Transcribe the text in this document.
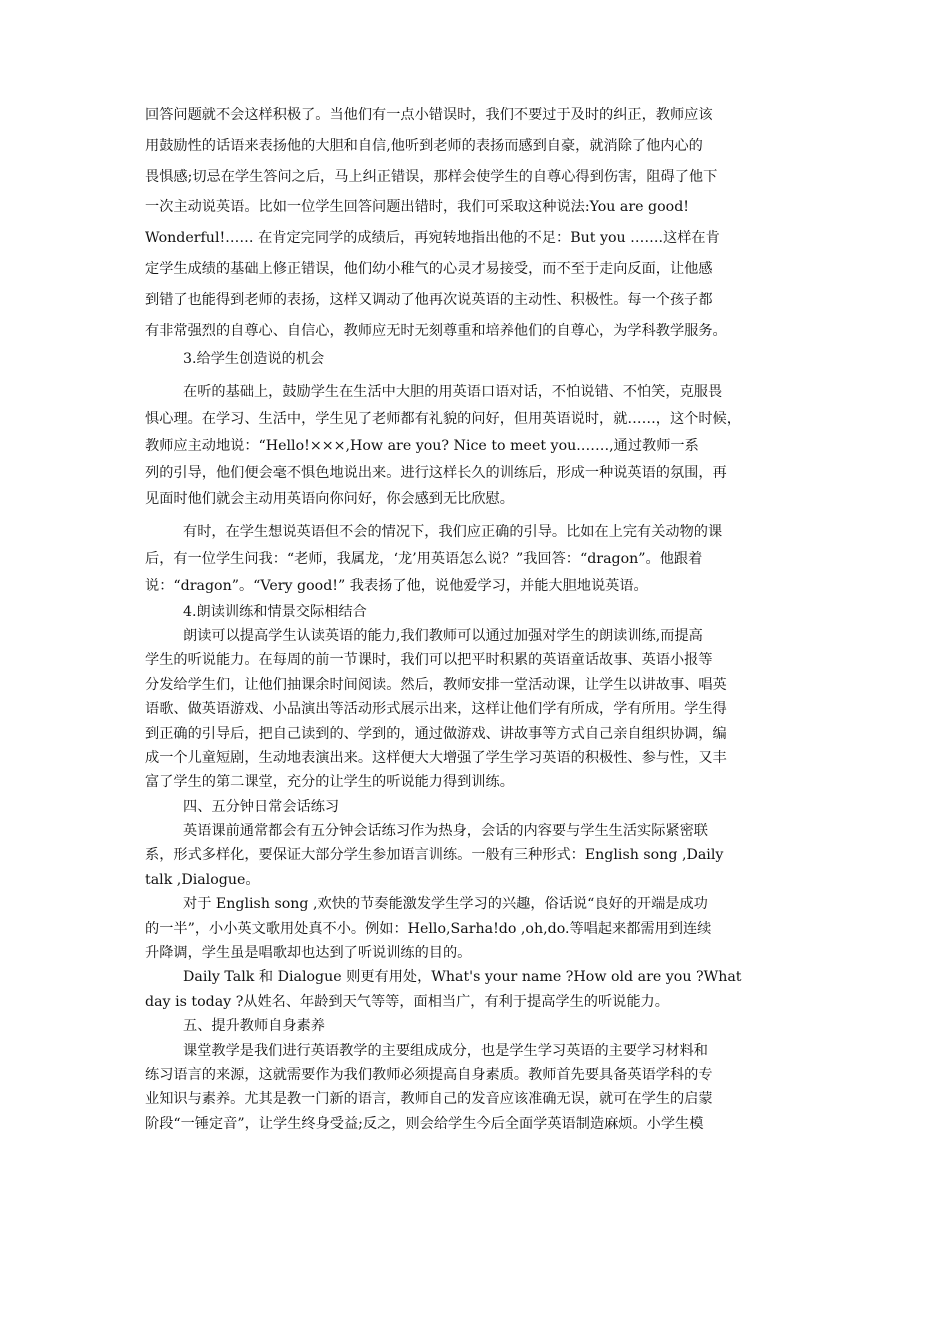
回答问题就不会这样积极了。当他们有一点小错误时，我们不要过于及时的纠正，教师应该
用鼓励性的话语来表扬他的大胆和自信,他听到老师的表扬而感到自豪，就消除了他内心的
畏惧感;切忌在学生答问之后，马上纠正错误，那样会使学生的自尊心得到伤害，阻碍了他下
一次主动说英语。比如一位学生回答问题出错时，我们可采取这种说法:You are good!
Wonderful!…… 在肯定完同学的成绩后，再宛转地指出他的不足：But you …….这样在肯
定学生成绩的基础上修正错误，他们幼小稚气的心灵才易接受，而不至于走向反面，让他感
到错了也能得到老师的表扬，这样又调动了他再次说英语的主动性、积极性。每一个孩子都
有非常强烈的自尊心、自信心，教师应无时无刻尊重和培养他们的自尊心，为学科教学服务。
3.给学生创造说的机会
在听的基础上，鼓励学生在生活中大胆的用英语口语对话，不怕说错、不怕笑，克服畏
惧心理。在学习、生活中，学生见了老师都有礼貌的问好，但用英语说时，就……，这个时候，
教师应主动地说：“Hello!×××,How are you? Nice to meet you.……,通过教师一系
列的引导，他们便会毫不惧色地说出来。进行这样长久的训练后，形成一种说英语的氛围，再
见面时他们就会主动用英语向你问好，你会感到无比欣慰。
有时，在学生想说英语但不会的情况下，我们应正确的引导。比如在上完有关动物的课
后，有一位学生问我：“老师，我属龙，‘龙’用英语怎么说？”我回答：“dragon”。他跟着
说：“dragon”。“Very good!” 我表扬了他，说他爱学习，并能大胆地说英语。
4.朗读训练和情景交际相结合
朗读可以提高学生认读英语的能力,我们教师可以通过加强对学生的朗读训练,而提高
学生的听说能力。在每周的前一节课时，我们可以把平时积累的英语童话故事、英语小报等
分发给学生们，让他们抽课余时间阅读。然后，教师安排一堂活动课，让学生以讲故事、唱英
语歌、做英语游戏、小品演出等活动形式展示出来，这样让他们学有所成，学有所用。学生得
到正确的引导后，把自己读到的、学到的，通过做游戏、讲故事等方式自己亲自组织协调，编
成一个儿童短剧，生动地表演出来。这样便大大增强了学生学习英语的积极性、参与性，又丰
富了学生的第二课堂，充分的让学生的听说能力得到训练。
四、五分钟日常会话练习
英语课前通常都会有五分钟会话练习作为热身，会话的内容要与学生生活实际紧密联
系，形式多样化，要保证大部分学生参加语言训练。一般有三种形式：English song ,Daily
talk ,Dialogue。
对于 English song ,欢快的节奏能激发学生学习的兴趣，俗话说“良好的开端是成功
的一半”，小小英文歌用处真不小。例如：Hello,Sarha!do ,oh,do.等唱起来都需用到连续
升降调，学生虽是唱歌却也达到了听说训练的目的。
Daily Talk 和 Dialogue 则更有用处，What's your name ?How old are you ?What
day is today ?从姓名、年龄到天气等等，面相当广，有利于提高学生的听说能力。
五、提升教师自身素养
课堂教学是我们进行英语教学的主要组成成分，也是学生学习英语的主要学习材料和
练习语言的来源，这就需要作为我们教师必须提高自身素质。教师首先要具备英语学科的专
业知识与素养。尤其是教一门新的语言，教师自己的发音应该准确无误，就可在学生的启蒙
阶段“一锤定音”，让学生终身受益;反之，则会给学生今后全面学英语制造麻烦。小学生模
